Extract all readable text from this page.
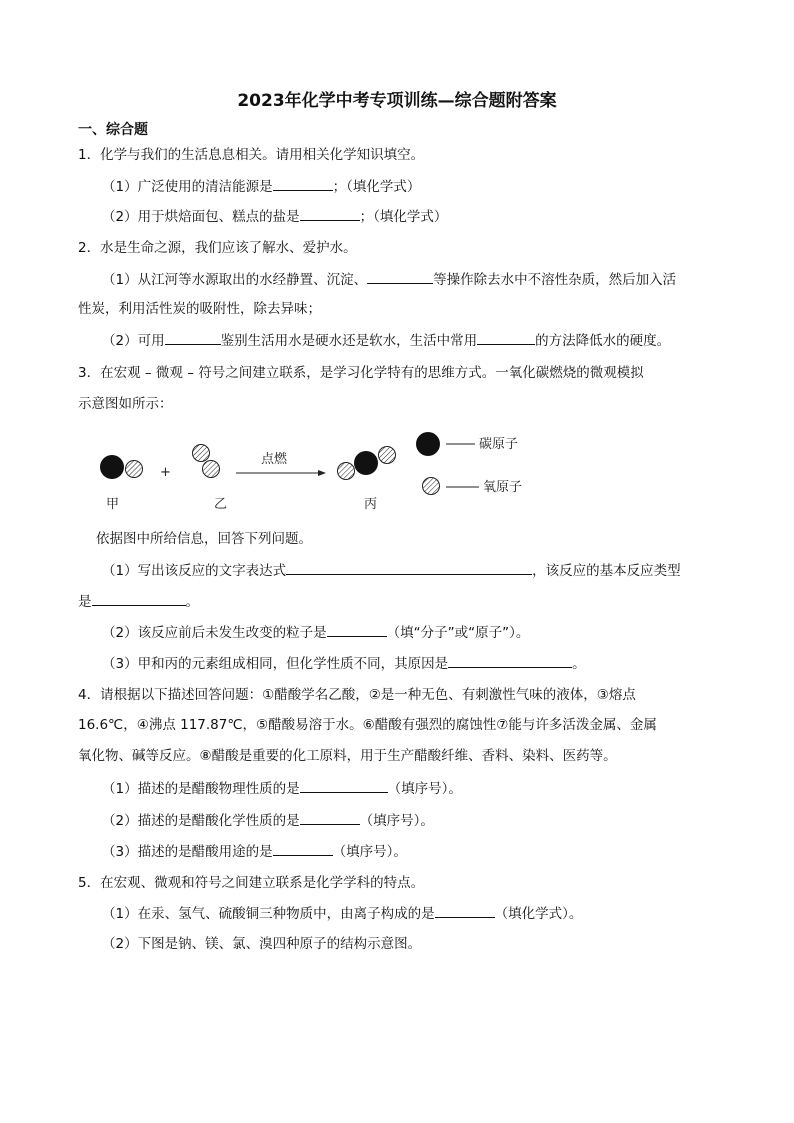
2023年化学中考专项训练—综合题附答案
一、综合题
1．化学与我们的生活息息相关。请用相关化学知识填空。
（1）广泛使用的清洁能源是	；（填化学式）
（2）用于烘焙面包、糕点的盐是	；（填化学式）
2．水是生命之源，我们应该了解水、爱护水。
（1）从江河等水源取出的水经静置、沉淀、	等操作除去水中不溶性杂质，然后加入活
性炭，利用活性炭的吸附性，除去异味；
（2）可用	鉴别生活用水是硬水还是软水，生活中常用	的方法降低水的硬度。
3．在宏观 – 微观 – 符号之间建立联系，是学习化学特有的思维方式。一氧化碳燃烧的微观模拟
示意图如所示：
+
点燃
甲	乙	丙
碳原子
氧原子
依据图中所给信息，回答下列问题。
（1）写出该反应的文字表达式	，该反应的基本反应类型
是	。
（2）该反应前后未发生改变的粒子是	（填“分子”或“原子”）。
（3）甲和丙的元素组成相同，但化学性质不同，其原因是	。
4．请根据以下描述回答问题：①醋酸学名乙酸，②是一种无色、有刺激性气味的液体，③熔点
16.6℃，④沸点 117.87℃，⑤醋酸易溶于水。⑥醋酸有强烈的腐蚀性⑦能与许多活泼金属、金属
氧化物、碱等反应。⑧醋酸是重要的化工原料，用于生产醋酸纤维、香料、染料、医药等。
（1）描述的是醋酸物理性质的是	（填序号）。
（2）描述的是醋酸化学性质的是	（填序号）。
（3）描述的是醋酸用途的是	（填序号）。
5．在宏观、微观和符号之间建立联系是化学学科的特点。
（1）在汞、氢气、硫酸铜三种物质中，由离子构成的是	（填化学式）。
（2）下图是钠、镁、氯、溴四种原子的结构示意图。
